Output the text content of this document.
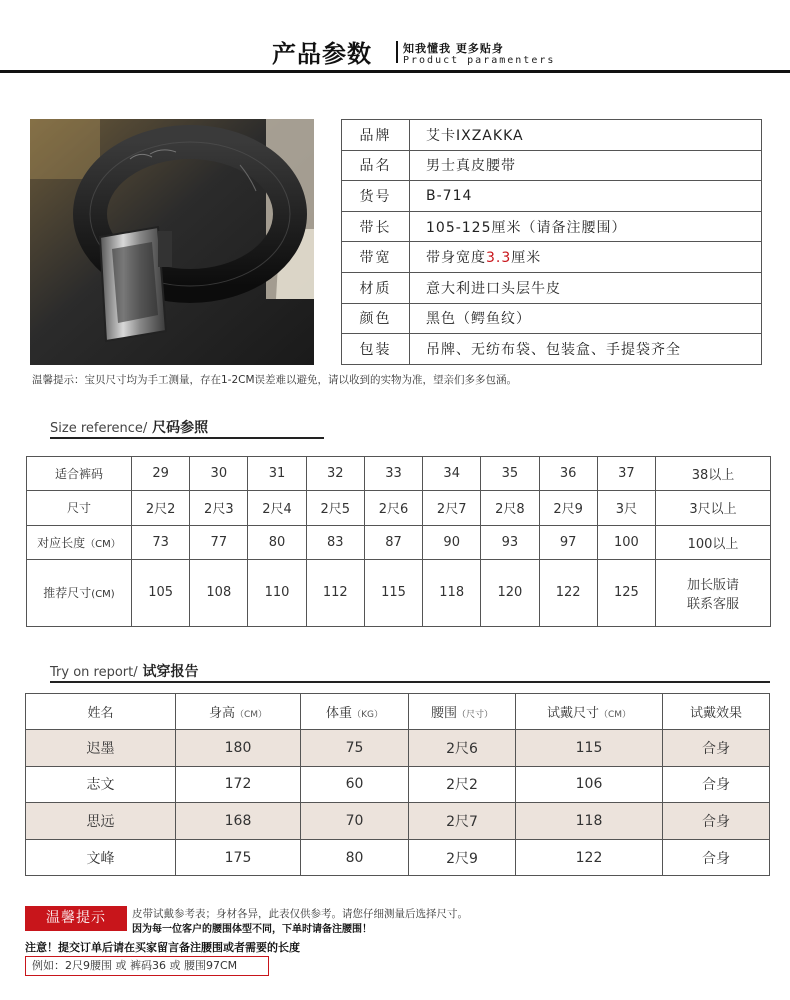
产品参数	知我懂我 更多贴身
Product paramenters
品牌	艾卡IXZAKKA
品名	男士真皮腰带
货号	B-714
带长	105-125厘米（请备注腰围）
带宽	带身宽度3.3厘米
材质	意大利进口头层牛皮
颜色	黑色（鳄鱼纹）
包装	吊牌、无纺布袋、包装盒、手提袋齐全
温馨提示：宝贝尺寸均为手工测量，存在1-2CM误差难以避免，请以收到的实物为准，望亲们多多包涵。
Size reference/ 尺码参照
适合裤码	29	30	31	32	33	34	35	36	37	38以上
尺寸	2尺2	2尺3	2尺4	2尺5	2尺6	2尺7	2尺8	2尺9	3尺	3尺以上
对应长度（CM）	73	77	80	83	87	90	93	97	100	100以上
推荐尺寸(CM)	105	108	110	112	115	118	120	122	125	加长版请
联系客服
Try on report/ 试穿报告
姓名	身高（CM）	体重（KG）	腰围（尺寸）	试戴尺寸（CM）	试戴效果
迟墨	180	75	2尺6	115	合身
志文	172	60	2尺2	106	合身
思远	168	70	2尺7	118	合身
文峰	175	80	2尺9	122	合身
温馨提示	皮带试戴参考表；身材各异，此表仅供参考。请您仔细测量后选择尺寸。
因为每一位客户的腰围体型不同，下单时请备注腰围！
注意！提交订单后请在买家留言备注腰围或者需要的长度
例如：2尺9腰围 或 裤码36 或 腰围97CM
